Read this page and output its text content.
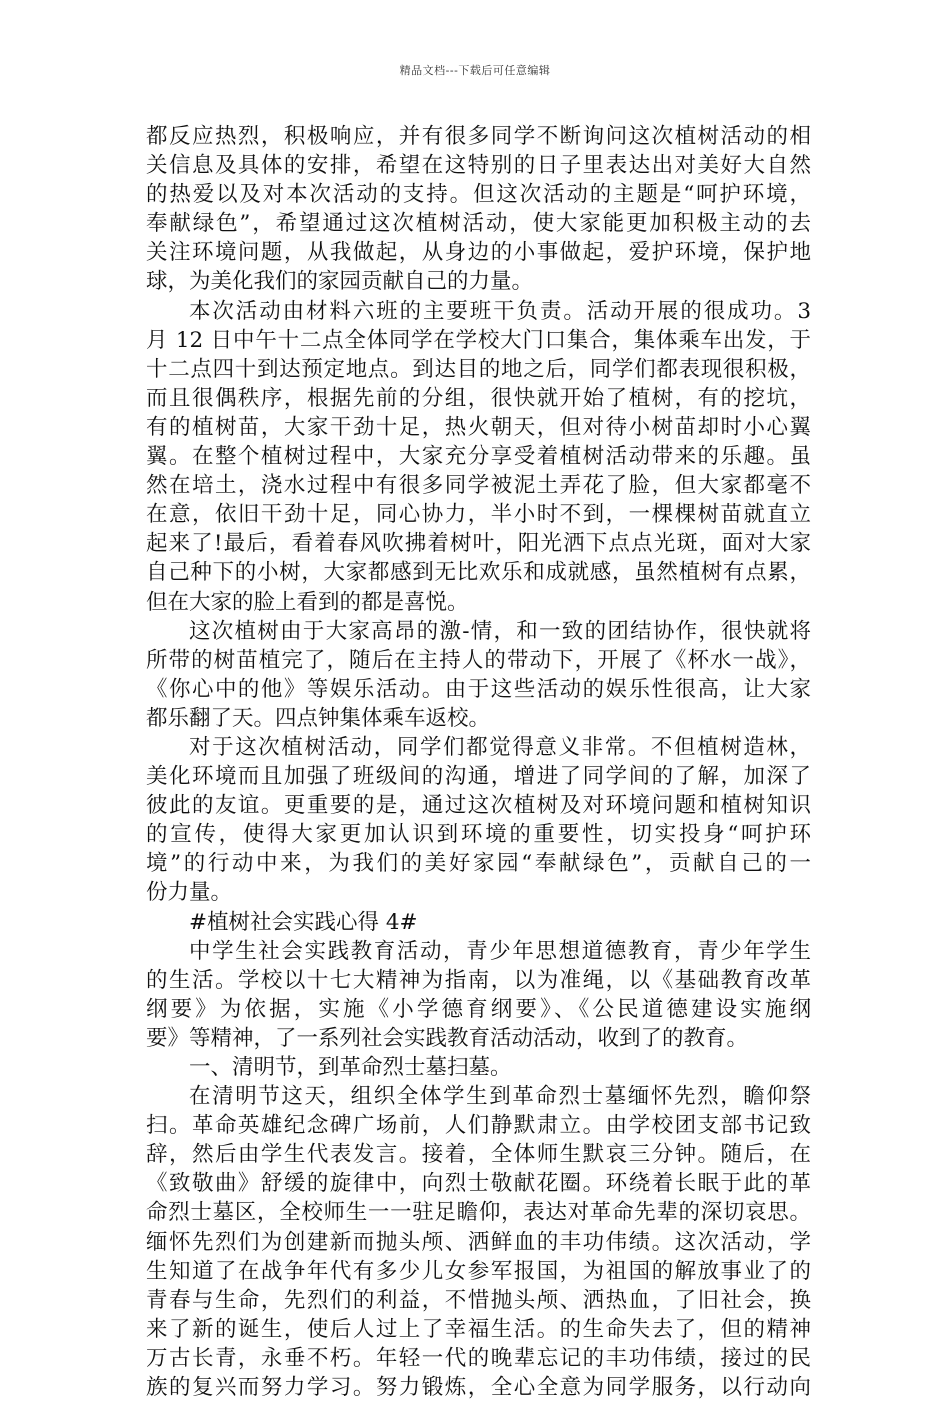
精品文档---下载后可任意编辑
都反应热烈，积极响应，并有很多同学不断询问这次植树活动的相
关信息及具体的安排，希望在这特别的日子里表达出对美好大自然
的热爱以及对本次活动的支持。但这次活动的主题是“呵护环境，
奉献绿色”，希望通过这次植树活动，使大家能更加积极主动的去
关注环境问题，从我做起，从身边的小事做起，爱护环境，保护地
球，为美化我们的家园贡献自己的力量。
本次活动由材料六班的主要班干负责。活动开展的很成功。3
月 12 日中午十二点全体同学在学校大门口集合，集体乘车出发，于
十二点四十到达预定地点。到达目的地之后，同学们都表现很积极，
而且很偶秩序，根据先前的分组，很快就开始了植树，有的挖坑，
有的植树苗，大家干劲十足，热火朝天，但对待小树苗却时小心翼
翼。在整个植树过程中，大家充分享受着植树活动带来的乐趣。虽
然在培土，浇水过程中有很多同学被泥土弄花了脸，但大家都毫不
在意，依旧干劲十足，同心协力，半小时不到，一棵棵树苗就直立
起来了!最后，看着春风吹拂着树叶，阳光洒下点点光斑，面对大家
自己种下的小树，大家都感到无比欢乐和成就感，虽然植树有点累，
但在大家的脸上看到的都是喜悦。
这次植树由于大家高昂的激-情，和一致的团结协作，很快就将
所带的树苗植完了，随后在主持人的带动下，开展了《杯水一战》，
《你心中的他》等娱乐活动。由于这些活动的娱乐性很高，让大家
都乐翻了天。四点钟集体乘车返校。
对于这次植树活动，同学们都觉得意义非常。不但植树造林，
美化环境而且加强了班级间的沟通，增进了同学间的了解，加深了
彼此的友谊。更重要的是，通过这次植树及对环境问题和植树知识
的宣传，使得大家更加认识到环境的重要性，切实投身“呵护环
境”的行动中来，为我们的美好家园“奉献绿色”，贡献自己的一
份力量。
#植树社会实践心得 4#
中学生社会实践教育活动，青少年思想道德教育，青少年学生
的生活。学校以十七大精神为指南，以为准绳，以《基础教育改革
纲要》为依据，实施《小学德育纲要》、《公民道德建设实施纲
要》等精神，了一系列社会实践教育活动活动，收到了的教育。
一、清明节，到革命烈士墓扫墓。
在清明节这天，组织全体学生到革命烈士墓缅怀先烈，瞻仰祭
扫。革命英雄纪念碑广场前，人们静默肃立。由学校团支部书记致
辞，然后由学生代表发言。接着，全体师生默哀三分钟。随后，在
《致敬曲》舒缓的旋律中，向烈士敬献花圈。环绕着长眠于此的革
命烈士墓区，全校师生一一驻足瞻仰，表达对革命先辈的深切哀思。
缅怀先烈们为创建新而抛头颅、洒鲜血的丰功伟绩。这次活动，学
生知道了在战争年代有多少儿女参军报国，为祖国的解放事业了的
青春与生命，先烈们的利益，不惜抛头颅、洒热血，了旧社会，换
来了新的诞生，使后人过上了幸福生活。的生命失去了，但的精神
万古长青，永垂不朽。年轻一代的晚辈忘记的丰功伟绩，接过的民
族的复兴而努力学习。努力锻炼，全心全意为同学服务，以行动向
